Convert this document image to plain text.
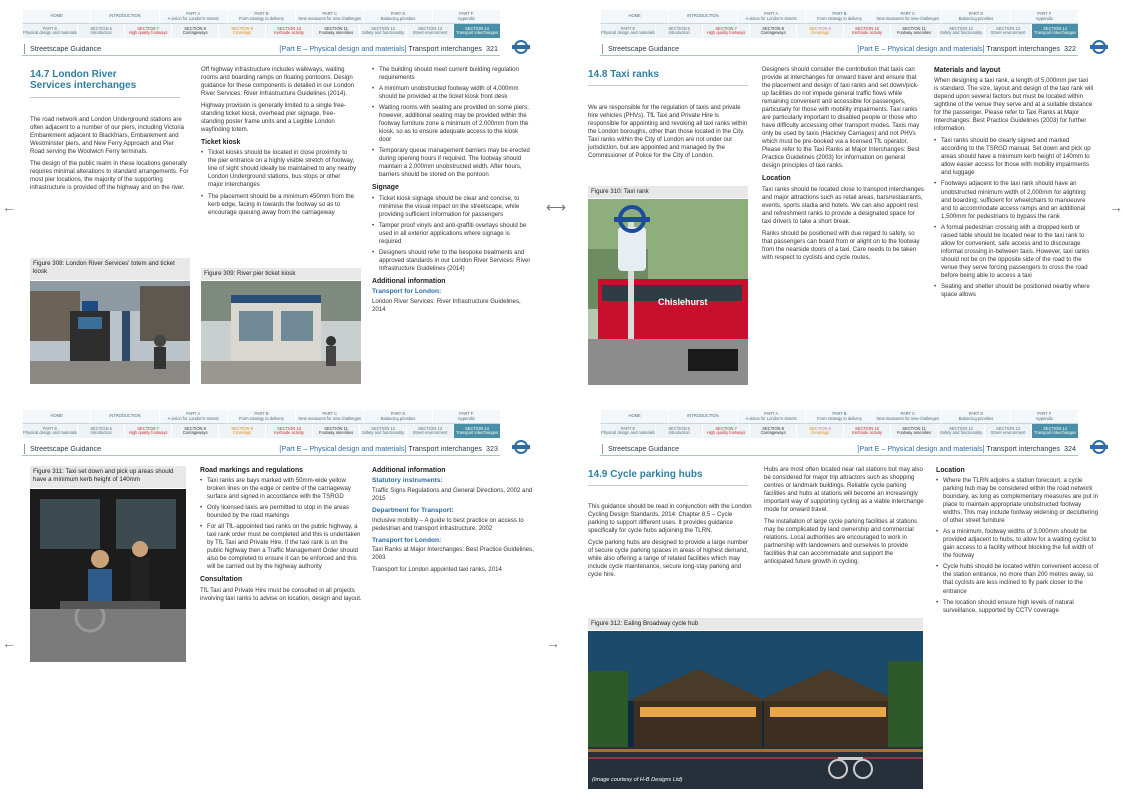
HOME	INTRODUCTION	PART A
A vision for London's streets
PART B
From strategy to delivery
PART C
New measures for new challenges
PART D
Balancing priorities
PART F
Appendix
PART E
Physical design and materials
SECTION 6
Introduction
SECTION 7
High quality footways
SECTION 8
Carriageways
SECTION 9
Crossings
SECTION 10
Kerbside activity
SECTION 11
Footway amenities
SECTION 12
Safety and functionality
SECTION 13
Street environment
SECTION 14
Transport interchanges
Streetscape Guidance	[Part E – Physical design and materials] Transport interchanges 321
←
14.7 London River Services interchanges

The road network and London Underground stations are often adjacent to a number of our piers, including Victoria Embankment adjacent to Blackfriars, Embankment and Westminster piers, and New Ferry Approach and Pier Road serving the Woolwich Ferry terminals.

The design of the public realm in these locations generally requires minimal alterations to standard arrangements. For most pier locations, the majority of the supporting infrastructure is provided off the highway and on the river.

Off highway infrastructure includes walkways, waiting rooms and boarding ramps on floating pontoons. Design guidance for these components is detailed in our London River Services: River Infrastructure Guidelines (2014).

Highway provision is generally limited to a single free-standing ticket kiosk, overhead pier signage, free-standing poster frame units and a Legible London wayfinding totem.

Ticket kiosk
• Ticket kiosks should be located in close proximity to the pier entrance on a highly visible stretch of footway, line of sight should ideally be maintained to any nearby London Underground stations, bus stops or other major interchanges
• The placement should be a minimum 450mm from the kerb edge, facing in towards the footway so as to encourage queuing away from the carriageway
• The building should meet current building regulation requirements
• A minimum unobstructed footway width of 4,000mm should be provided at the ticket kiosk front desk
• Waiting rooms with seating are provided on some piers; however, additional seating may be provided within the footway furniture zone a minimum of 2,000mm from the kiosk, so as to ensure adequate access to the kiosk door
• Temporary queue management barriers may be erected during opening hours if required. The footway should maintain a 2,000mm unobstructed width. After hours, barriers should be stored on the pontoon
Signage
• Ticket kiosk signage should be clear and concise, to minimise the visual impact on the streetscape, while providing sufficient information for passengers
• Tamper proof vinyls and anti-graffiti overlays should be used in all exterior applications where signage is required
• Designers should refer to the bespoke treatments and approved standards in our London River Services: River Infrastructure Guidelines (2014)
Additional information
Transport for London:

London River Services: River Infrastructure Guidelines, 2014

Figure 308: London River Services' totem and ticket kiosk	Figure 309: River pier ticket kiosk
HOME	INTRODUCTION	PART A
A vision for London's streets
PART B
From strategy to delivery
PART C
New measures for new challenges
PART D
Balancing priorities
PART F
Appendix
PART E
Physical design and materials
SECTION 6
Introduction
SECTION 7
High quality footways
SECTION 8
Carriageways
SECTION 9
Crossings
SECTION 10
Kerbside activity
SECTION 11
Footway amenities
SECTION 12
Safety and functionality
SECTION 13
Street environment
SECTION 14
Transport interchanges
Streetscape Guidance	[Part E – Physical design and materials] Transport interchanges 322
⟷	→
14.8 Taxi ranks

We are responsible for the regulation of taxis and private hire vehicles (PHVs). TfL Taxi and Private Hire is responsible for appointing and revoking all taxi ranks within the London boroughs, other than those located in the City. Taxi ranks within the City of London are not under our jurisdiction, but are appointed and managed by the Commissioner of Police for the City of London.

Figure 310: Taxi rank
Chislehurst

Designers should consider the contribution that taxis can provide at interchanges for onward travel and ensure that the placement and design of taxi ranks and set down/pick-up facilities do not impede general traffic flows while remaining convenient and accessible for passengers, particularly for those with mobility impairments. Taxi ranks are particularly important to disabled people or those who have difficulty accessing other transport modes. Taxis may only be used by taxis (Hackney Carriages) and not PHVs which must be pre-booked via a licensed TfL operator. Please refer to the Taxi Ranks at Major Interchanges: Best Practice Guidelines (2003) for information on general design principles of taxi ranks.

Location

Taxi ranks should be located close to transport interchanges and major attractions such as retail areas, bars/restaurants, events, sports stadia and hotels. We can also appoint rest and refreshment ranks to provide a designated space for taxi drivers to take a short break.

Ranks should be positioned with due regard to safety, so that passengers can board from or alight on to the footway from the nearside doors of a taxi. Care needs to be taken with respect to cyclists and cycle routes.

Materials and layout

When designing a taxi rank, a length of 5,000mm per taxi is standard. The size, layout and design of the taxi rank will depend upon several factors but must be located within sightline of the venue they serve and at a suitable distance for the passenger. Please refer to Taxi Ranks at Major Interchanges: Best Practice Guidelines (2003) for further information.

• Taxi ranks should be clearly signed and marked according to the TSRGD manual. Set down and pick up areas should have a minimum kerb height of 140mm to allow easier access for those with mobility impairments and luggage
• Footways adjacent to the taxi rank should have an unobstructed minimum width of 2,000mm for alighting and boarding; sufficient for wheelchairs to manoeuvre and to accommodate access ramps and an additional 1,500mm for pedestrians to bypass the rank
• A formal pedestrian crossing with a dropped kerb or raised table should be located near to the taxi rank to allow for convenient, safe access and to discourage informal crossing in-between taxis. However, taxi ranks should not be on the opposite side of the road to the venue they serve forcing passengers to cross the road before being able to access a taxi
• Seating and shelter should be positioned nearby where space allows
HOME	INTRODUCTION	PART A
A vision for London's streets
PART B
From strategy to delivery
PART C
New measures for new challenges
PART D
Balancing priorities
PART F
Appendix
PART E
Physical design and materials
SECTION 6
Introduction
SECTION 7
High quality footways
SECTION 8
Carriageways
SECTION 9
Crossings
SECTION 10
Kerbside activity
SECTION 11
Footway amenities
SECTION 12
Safety and functionality
SECTION 13
Street environment
SECTION 14
Transport interchanges
Streetscape Guidance	[Part E – Physical design and materials] Transport interchanges 323
←	→
Figure 311: Taxi set down and pick up areas should have a minimum kerb height of 140mm
Road markings and regulations
• Taxi ranks are bays marked with 50mm-wide yellow broken lines on the edge or centre of the carriageway surface and signed in accordance with the TSRGD
• Only licensed taxis are permitted to stop in the areas bounded by the road markings
• For all TfL-appointed taxi ranks on the public highway, a taxi rank order must be completed and this is undertaken by TfL Taxi and Private Hire. If the taxi rank is on the public highway then a Traffic Management Order should also be completed to ensure it can be enforced and this will be carried out by the highway authority
Consultation

TfL Taxi and Private Hire must be consulted in all projects involving taxi ranks to advise on location, design and layout.

Additional information
Statutory instruments:

Traffic Signs Regulations and General Directions, 2002 and 2015

Department for Transport:

Inclusive mobility – A guide to best practice on access to pedestrian and transport infrastructure, 2002

Transport for London:

Taxi Ranks at Major Interchanges: Best Practice Guidelines, 2003

Transport for London appointed taxi ranks, 2014

HOME	INTRODUCTION	PART A
A vision for London's streets
PART B
From strategy to delivery
PART C
New measures for new challenges
PART D
Balancing priorities
PART F
Appendix
PART E
Physical design and materials
SECTION 6
Introduction
SECTION 7
High quality footways
SECTION 8
Carriageways
SECTION 9
Crossings
SECTION 10
Kerbside activity
SECTION 11
Footway amenities
SECTION 12
Safety and functionality
SECTION 13
Street environment
SECTION 14
Transport interchanges
Streetscape Guidance	[Part E – Physical design and materials] Transport interchanges 324
14.9 Cycle parking hubs

This guidance should be read in conjunction with the London Cycling Design Standards, 2014: Chapter 8.5 – Cycle parking to support different uses. It provides guidance specifically for cycle hubs adjoining the TLRN.

Cycle parking hubs are designed to provide a large number of secure cycle parking spaces in areas of highest demand, while also offering a range of related facilities which may include cycle maintenance, secure long-stay parking and cycle hire.

Hubs are most often located near rail stations but may also be considered for major trip attractors such as shopping centres or landmark buildings. Reliable cycle parking facilities and hubs at stations will become an increasingly important way of supporting cycling as a viable interchange mode for onward travel.

The installation of large cycle parking facilities at stations may be complicated by land ownership and commercial relations. Local authorities are encouraged to work in partnership with landowners and ourselves to provide facilities that can accommodate and support the anticipated future growth in cycling.

Figure 312: Ealing Broadway cycle hub
(Image courtesy of H-B Designs Ltd)
Location
• Where the TLRN adjoins a station forecourt, a cycle parking hub may be considered within the road network boundary, as long as complementary measures are put in place to maintain appropriate unobstructed footway widths. This may include footway widening or decluttering of other street furniture
• As a minimum, footway widths of 3,000mm should be provided adjacent to hubs, to allow for a waiting cyclist to gain access to a facility without blocking the full width of the footway
• Cycle hubs should be located within convenient access of the station entrance, no more than 200 metres away, so that cyclists are less inclined to fly park closer to the entrance
• The location should ensure high levels of natural surveillance, supported by CCTV coverage
